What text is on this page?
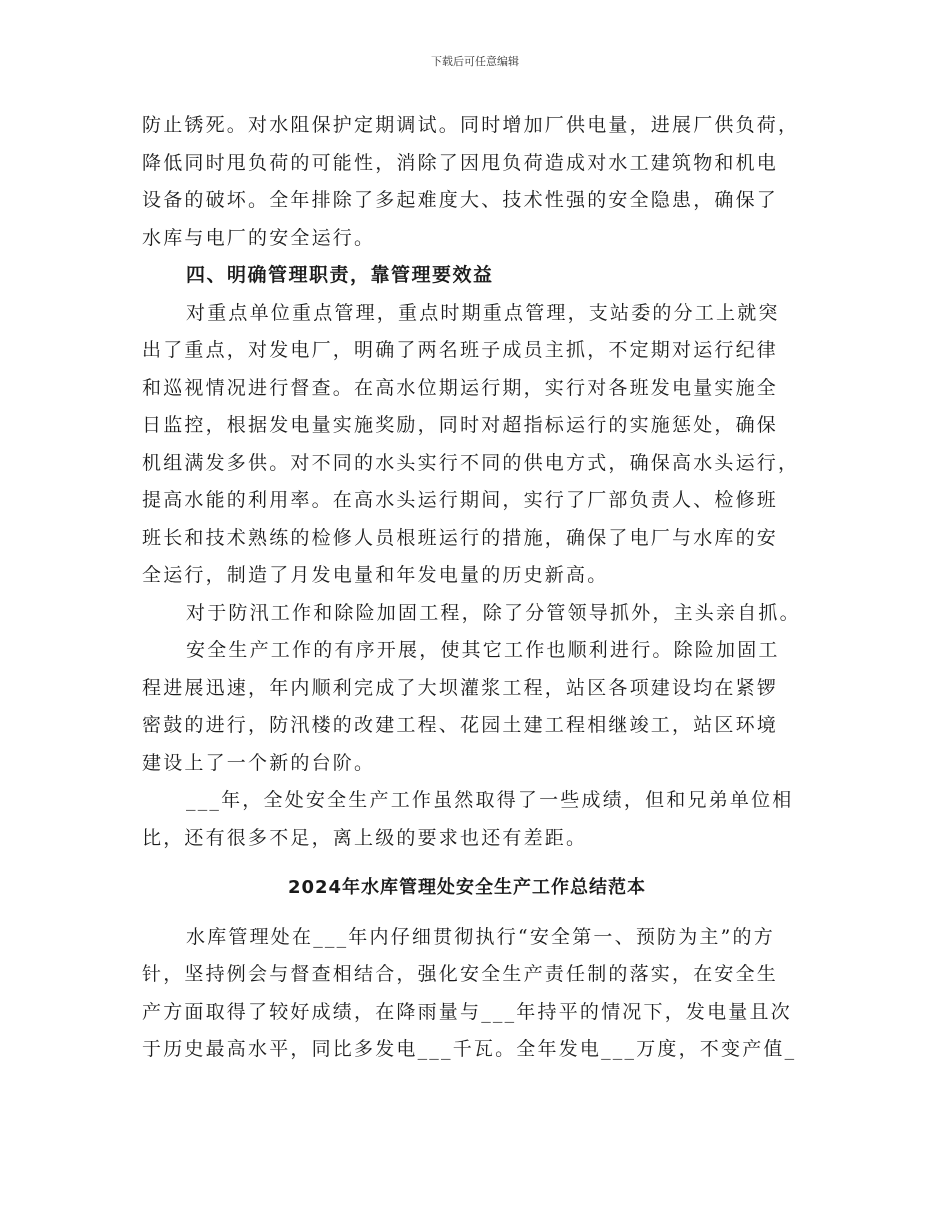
下载后可任意编辑
防止锈死。对水阻保护定期调试。同时增加厂供电量，进展厂供负荷，
降低同时甩负荷的可能性，消除了因甩负荷造成对水工建筑物和机电
设备的破坏。全年排除了多起难度大、技术性强的安全隐患，确保了
水库与电厂的安全运行。
四、明确管理职责，靠管理要效益
对重点单位重点管理，重点时期重点管理，支站委的分工上就突
出了重点，对发电厂，明确了两名班子成员主抓，不定期对运行纪律
和巡视情况进行督查。在高水位期运行期，实行对各班发电量实施全
日监控，根据发电量实施奖励，同时对超指标运行的实施惩处，确保
机组满发多供。对不同的水头实行不同的供电方式，确保高水头运行，
提高水能的利用率。在高水头运行期间，实行了厂部负责人、检修班
班长和技术熟练的检修人员根班运行的措施，确保了电厂与水库的安
全运行，制造了月发电量和年发电量的历史新高。
对于防汛工作和除险加固工程，除了分管领导抓外，主头亲自抓。
安全生产工作的有序开展，使其它工作也顺利进行。除险加固工
程进展迅速，年内顺利完成了大坝灌浆工程，站区各项建设均在紧锣
密鼓的进行，防汛楼的改建工程、花园土建工程相继竣工，站区环境
建设上了一个新的台阶。
___年，全处安全生产工作虽然取得了一些成绩，但和兄弟单位相
比，还有很多不足，离上级的要求也还有差距。
2024年水库管理处安全生产工作总结范本
水库管理处在___年内仔细贯彻执行“安全第一、预防为主”的方
针，坚持例会与督查相结合，强化安全生产责任制的落实，在安全生
产方面取得了较好成绩，在降雨量与___年持平的情况下，发电量且次
于历史最高水平，同比多发电___千瓦。全年发电___万度，不变产值_
